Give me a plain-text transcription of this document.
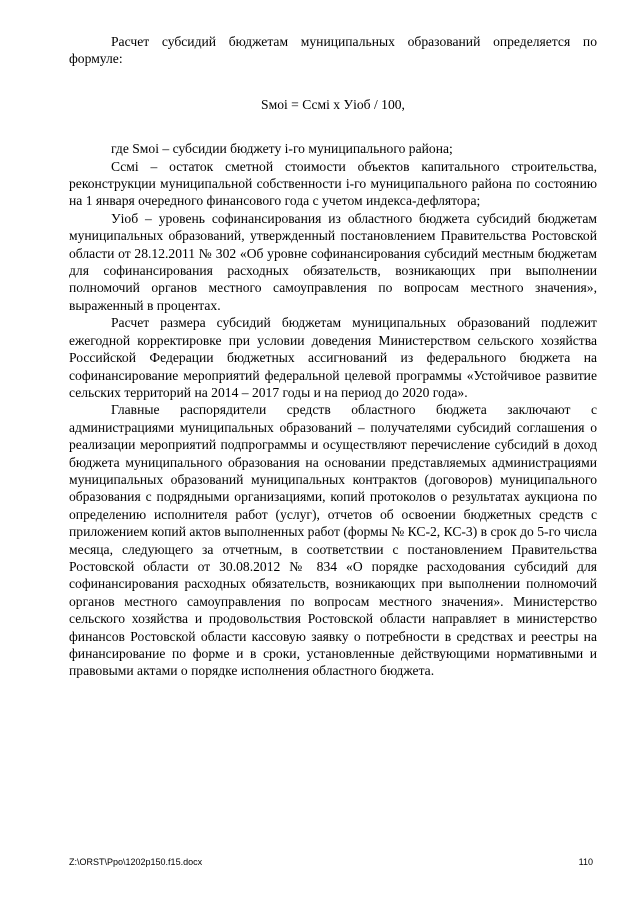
Расчет субсидий бюджетам муниципальных образований определяется по формуле:

Sмоi = Ссмi х Уioб / 100,

где Sмоi – субсидии бюджету i-го муниципального района;

Ссмi – остаток сметной стоимости объектов капитального строительства, реконструкции муниципальной собственности i-го муниципального района по состоянию на 1 января очередного финансового года с учетом индекса-дефлятора;

Уioб – уровень софинансирования из областного бюджета субсидий бюджетам муниципальных образований, утвержденный постановлением Правительства Ростовской области от 28.12.2011 № 302 «Об уровне софинансирования субсидий местным бюджетам для софинансирования расходных обязательств, возникающих при выполнении полномочий органов местного самоуправления по вопросам местного значения», выраженный в процентах.

Расчет размера субсидий бюджетам муниципальных образований подлежит ежегодной корректировке при условии доведения Министерством сельского хозяйства Российской Федерации бюджетных ассигнований из федерального бюджета на софинансирование мероприятий федеральной целевой программы «Устойчивое развитие сельских территорий на 2014 – 2017 годы и на период до 2020 года».

Главные распорядители средств областного бюджета заключают с администрациями муниципальных образований – получателями субсидий соглашения о реализации мероприятий подпрограммы и осуществляют перечисление субсидий в доход бюджета муниципального образования на основании представляемых администрациями муниципальных образований муниципальных контрактов (договоров) муниципального образования с подрядными организациями, копий протоколов о результатах аукциона по определению исполнителя работ (услуг), отчетов об освоении бюджетных средств с приложением копий актов выполненных работ (формы № КС-2, КС-3) в срок до 5-го числа месяца, следующего за отчетным, в соответствии с постановлением Правительства Ростовской области от 30.08.2012 № 834 «О порядке расходования субсидий для софинансирования расходных обязательств, возникающих при выполнении полномочий органов местного самоуправления по вопросам местного значения». Министерство сельского хозяйства и продовольствия Ростовской области направляет в министерство финансов Ростовской области кассовую заявку о потребности в средствах и реестры на финансирование по форме и в сроки, установленные действующими нормативными и правовыми актами о порядке исполнения областного бюджета.

Z:\ORST\Ppo\1202p150.f15.docx	110
